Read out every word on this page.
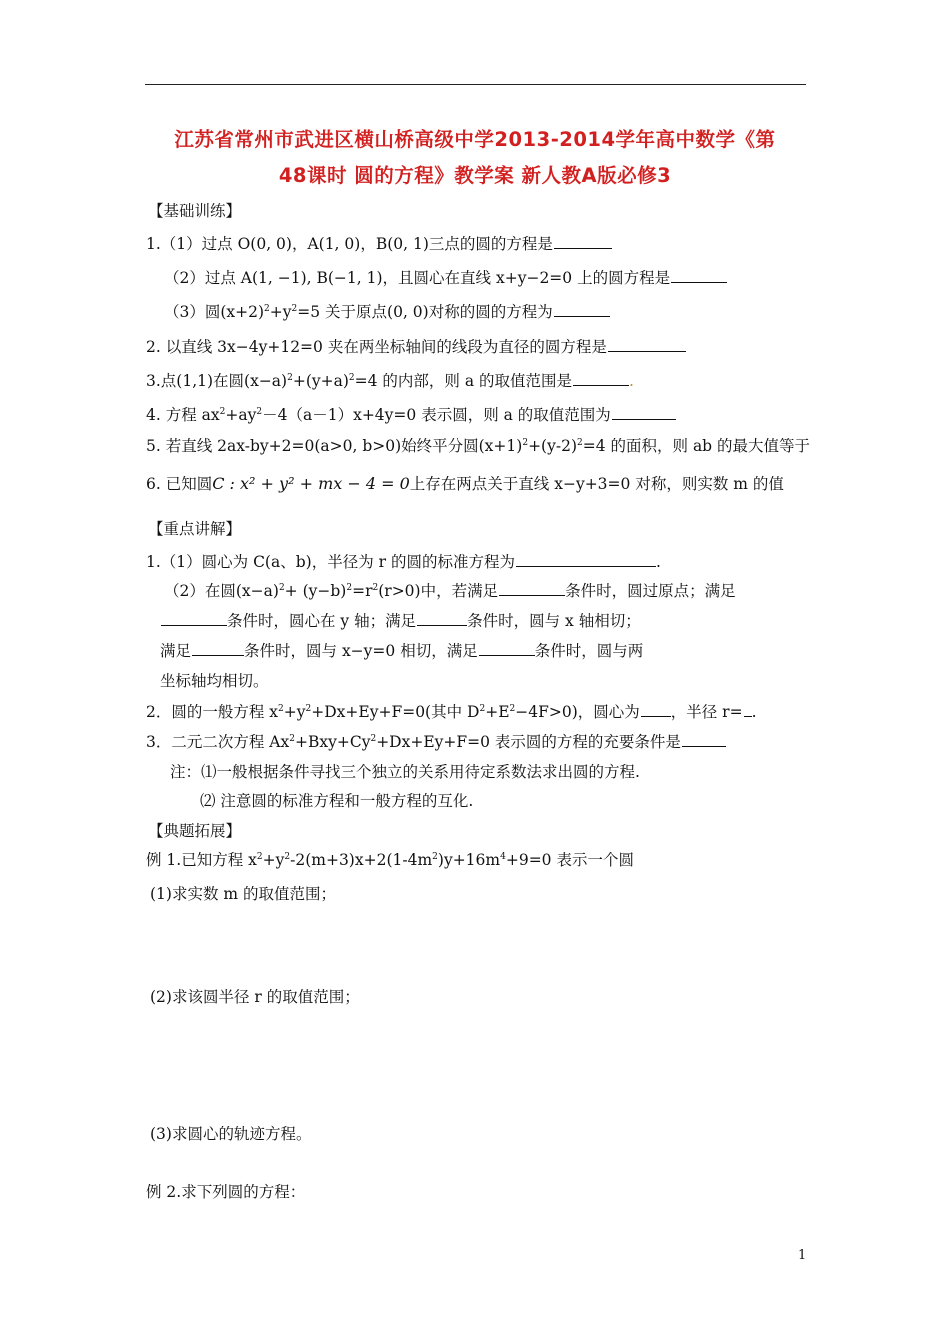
江苏省常州市武进区横山桥高级中学2013-2014学年高中数学《第
48课时 圆的方程》教学案 新人教A版必修3
【基础训练】
1.（1）过点 O(0, 0)，A(1, 0)，B(0, 1)三点的圆的方程是
（2）过点 A(1, −1), B(−1, 1)，且圆心在直线 x+y−2=0 上的圆方程是
（3）圆$(x+2)^2+y^2=5$ 关于原点(0, 0)对称的圆的方程为
2. 以直线 3x−4y+12=0 夹在两坐标轴间的线段为直径的圆方程是
3.点(1,1)在圆$(x-a)^2+(y+a)^2=4$ 的内部，则 a 的取值范围是	.
4. 方程 $ax^2+ay^2-4(a-1)x+4y=0$ 表示圆，则 a 的取值范围为
5. 若直线 2ax-by+2=0(a>0, b>0)始终平分圆$(x+1)^2+(y-2)^2=4$ 的面积，则 ab 的最大值等于
6. 已知圆C : x² + y² + mx − 4 = 0上存在两点关于直线 x−y+3=0 对称，则实数 m 的值
【重点讲解】
1.（1）圆心为 C(a、b)，半径为 r 的圆的标准方程为	.
（2）在圆$(x-a)^2+ (y-b)^2=r^2(r>0)$中，若满足	条件时，圆过原点；满足
条件时，圆心在 y 轴；满足	条件时，圆与 x 轴相切；
满足	条件时，圆与 x−y=0 相切，满足	条件时，圆与两
坐标轴均相切。
2．圆的一般方程 $x^2+y^2+Dx+Ey+F=0$(其中 $D^2+E^2-4F>0$)，圆心为 ，半径 r= .
3．二元二次方程 $Ax^2+Bxy+Cy^2+Dx+Ey+F=0$ 表示圆的方程的充要条件是
注：⑴一般根据条件寻找三个独立的关系用待定系数法求出圆的方程.
⑵ 注意圆的标准方程和一般方程的互化.
【典题拓展】
例 1.已知方程 $x^2+y^2-2(m+3)x+2(1-4m^2)y+16m^4+9=0$ 表示一个圆
(1)求实数 m 的取值范围；
(2)求该圆半径 r 的取值范围；
(3)求圆心的轨迹方程。
例 2.求下列圆的方程：
1
